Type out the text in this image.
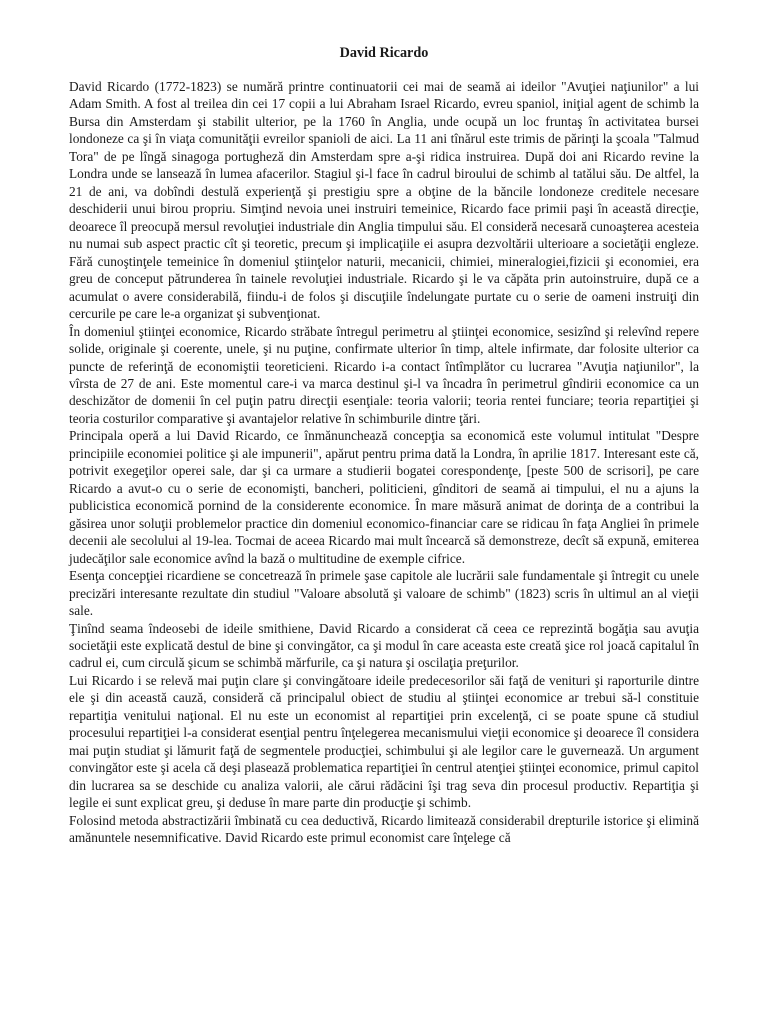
David Ricardo

David Ricardo (1772-1823) se numără printre continuatorii cei mai de seamă ai ideilor "Avuţiei naţiunilor" a lui Adam Smith. A fost al treilea din cei 17 copii a lui Abraham Israel Ricardo, evreu spaniol, iniţial agent de schimb la Bursa din Amsterdam şi stabilit ulterior, pe la 1760 în Anglia, unde ocupă un loc fruntaş în activitatea bursei londoneze ca şi în viaţa comunităţii evreilor spanioli de aici. La 11 ani tînărul este trimis de părinţi la şcoala "Talmud Tora" de pe lîngă sinagoga portugheză din Amsterdam spre a-şi ridica instruirea. După doi ani Ricardo revine la Londra unde se lansează în lumea afacerilor. Stagiul şi-l face în cadrul biroului de schimb al tatălui său. De altfel, la 21 de ani, va dobîndi destulă experienţă şi prestigiu spre a obţine de la băncile londoneze creditele necesare deschiderii unui birou propriu. Simţind nevoia unei instruiri temeinice, Ricardo face primii paşi în această direcţie, deoarece îl preocupă mersul revoluţiei industriale din Anglia timpului său. El consideră necesară cunoaşterea acesteia nu numai sub aspect practic cît şi teoretic, precum şi implicaţiile ei asupra dezvoltării ulterioare a societăţii engleze. Fără cunoştinţele temeinice în domeniul ştiinţelor naturii, mecanicii, chimiei, mineralogiei,fizicii şi economiei, era greu de conceput pătrunderea în tainele revoluţiei industriale. Ricardo şi le va căpăta prin autoinstruire, după ce a acumulat o avere considerabilă, fiindu-i de folos şi discuţiile îndelungate purtate cu o serie de oameni instruiţi din cercurile pe care le-a organizat şi subvenţionat.

În domeniul ştiinţei economice, Ricardo străbate întregul perimetru al ştiinţei economice, sesizînd şi relevînd repere solide, originale şi coerente, unele, şi nu puţine, confirmate ulterior în timp, altele infirmate, dar folosite ulterior ca puncte de referinţă de economiştii teoreticieni. Ricardo i-a contact întîmplător cu lucrarea "Avuţia naţiunilor", la vîrsta de 27 de ani. Este momentul care-i va marca destinul şi-l va încadra în perimetrul gîndirii economice ca un deschizător de domenii în cel puţin patru direcţii esenţiale: teoria valorii; teoria rentei funciare; teoria repartiţiei şi teoria costurilor comparative şi avantajelor relative în schimburile dintre ţări.

Principala operă a lui David Ricardo, ce înmănunchează concepţia sa economică este volumul intitulat "Despre principiile economiei politice şi ale impunerii", apărut pentru prima dată la Londra, în aprilie 1817. Interesant este că, potrivit exegeţilor operei sale, dar şi ca urmare a studierii bogatei corespondenţe, [peste 500 de scrisori], pe care Ricardo a avut-o cu o serie de economişti, bancheri, politicieni, gînditori de seamă ai timpului, el nu a ajuns la publicistica economică pornind de la considerente economice. În mare măsură animat de dorinţa de a contribui la găsirea unor soluţii problemelor practice din domeniul economico-financiar care se ridicau în faţa Angliei în primele decenii ale secolului al 19-lea. Tocmai de aceea Ricardo mai mult încearcă să demonstreze, decît să expună, emiterea judecăţilor sale economice avînd la bază o multitudine de exemple cifrice.

Esenţa concepţiei ricardiene se concetrează în primele şase capitole ale lucrării sale fundamentale şi întregit cu unele precizări interesante rezultate din studiul "Valoare absolută şi valoare de schimb" (1823) scris în ultimul an al vieţii sale.

Ţinînd seama îndeosebi de ideile smithiene, David Ricardo a considerat că ceea ce reprezintă bogăţia sau avuţia societăţii este explicată destul de bine şi convingător, ca şi modul în care aceasta este creată şice rol joacă capitalul în cadrul ei, cum circulă şicum se schimbă mărfurile, ca şi natura şi oscilaţia preţurilor.

Lui Ricardo i se relevă mai puţin clare şi convingătoare ideile predecesorilor săi faţă de venituri şi raporturile dintre ele şi din această cauză, consideră că principalul obiect de studiu al ştiinţei economice ar trebui să-l constituie repartiţia venitului naţional. El nu este un economist al repartiţiei prin excelenţă, ci se poate spune că studiul procesului repartiţiei l-a considerat esenţial pentru înţelegerea mecanismului vieţii economice şi deoarece îl considera mai puţin studiat şi lămurit faţă de segmentele producţiei, schimbului şi ale legilor care le guvernează. Un argument convingător este şi acela că deşi plasează problematica repartiţiei în centrul atenţiei ştiinţei economice, primul capitol din lucrarea sa se deschide cu analiza valorii, ale cărui rădăcini îşi trag seva din procesul productiv. Repartiţia şi legile ei sunt explicat greu, şi deduse în mare parte din producţie şi schimb.

Folosind metoda abstractizării îmbinată cu cea deductivă, Ricardo limitează considerabil drepturile istorice şi elimină amănuntele nesemnificative. David Ricardo este primul economist care înţelege că
